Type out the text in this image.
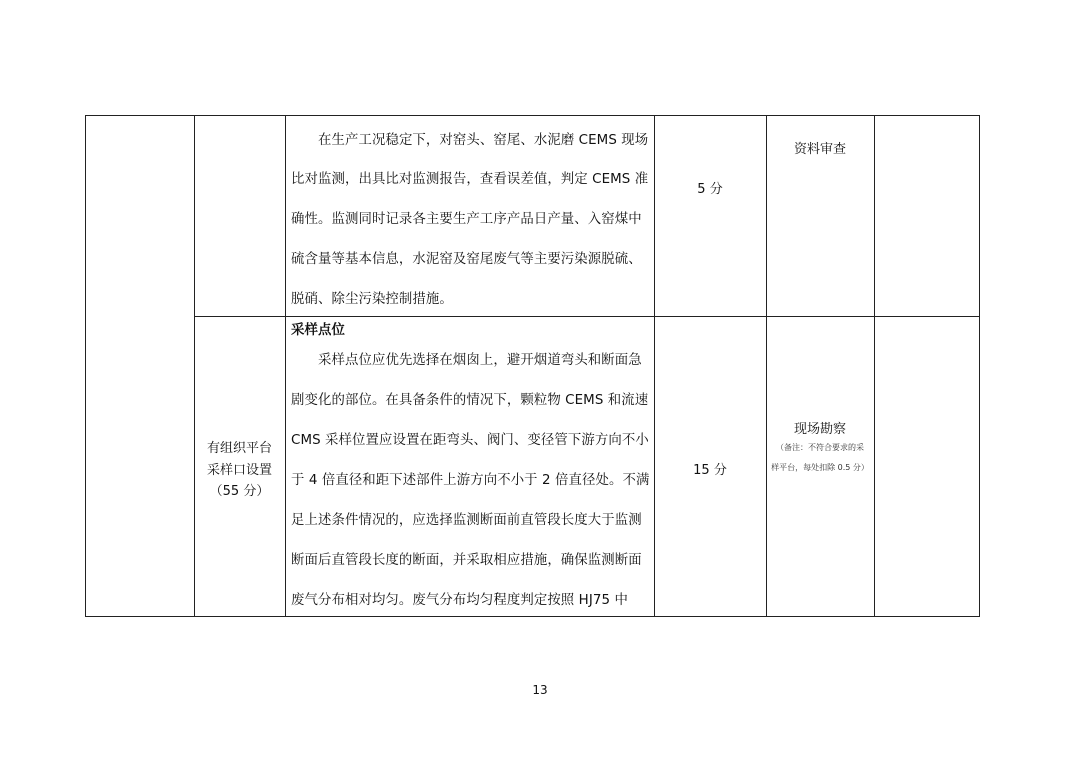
在生产工况稳定下，对窑头、窑尾、水泥磨 CEMS 现场
比对监测，出具比对监测报告，查看误差值，判定 CEMS 准
确性。监测同时记录各主要生产工序产品日产量、入窑煤中
硫含量等基本信息，水泥窑及窑尾废气等主要污染源脱硫、
脱硝、除尘污染控制措施。
5 分
资料审查
有组织平台
采样口设置
（55 分）
采样点位
采样点位应优先选择在烟囱上，避开烟道弯头和断面急
剧变化的部位。在具备条件的情况下，颗粒物 CEMS 和流速
CMS 采样位置应设置在距弯头、阀门、变径管下游方向不小
于 4 倍直径和距下述部件上游方向不小于 2 倍直径处。不满
足上述条件情况的，应选择监测断面前直管段长度大于监测
断面后直管段长度的断面，并采取相应措施，确保监测断面
废气分布相对均匀。废气分布均匀程度判定按照 HJ75 中
15 分
现场勘察
（备注：不符合要求的采
样平台，每处扣除 0.5 分）
13
